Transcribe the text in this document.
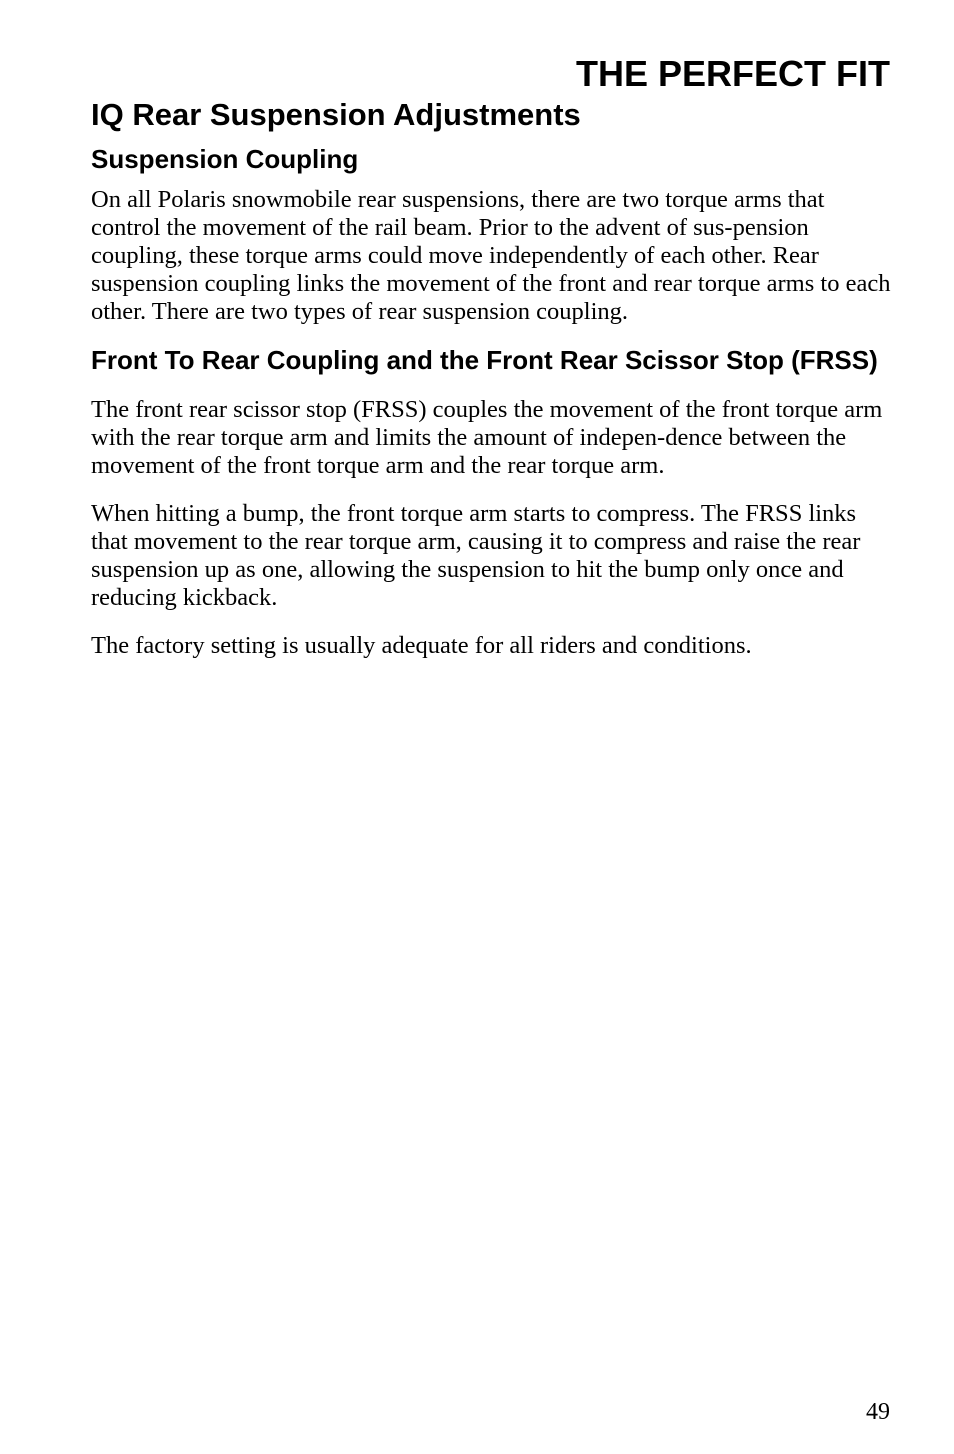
THE PERFECT FIT
IQ Rear Suspension Adjustments
Suspension Coupling

On all Polaris snowmobile rear suspensions, there are two torque arms that control the movement of the rail beam. Prior to the advent of sus-pension coupling, these torque arms could move independently of each other. Rear suspension coupling links the movement of the front and rear torque arms to each other. There are two types of rear suspension coupling.

Front To Rear Coupling and the Front Rear Scissor Stop (FRSS)

The front rear scissor stop (FRSS) couples the movement of the front torque arm with the rear torque arm and limits the amount of indepen-dence between the movement of the front torque arm and the rear torque arm.

When hitting a bump, the front torque arm starts to compress. The FRSS links that movement to the rear torque arm, causing it to compress and raise the rear suspension up as one, allowing the suspension to hit the bump only once and reducing kickback.

The factory setting is usually adequate for all riders and conditions.

49
